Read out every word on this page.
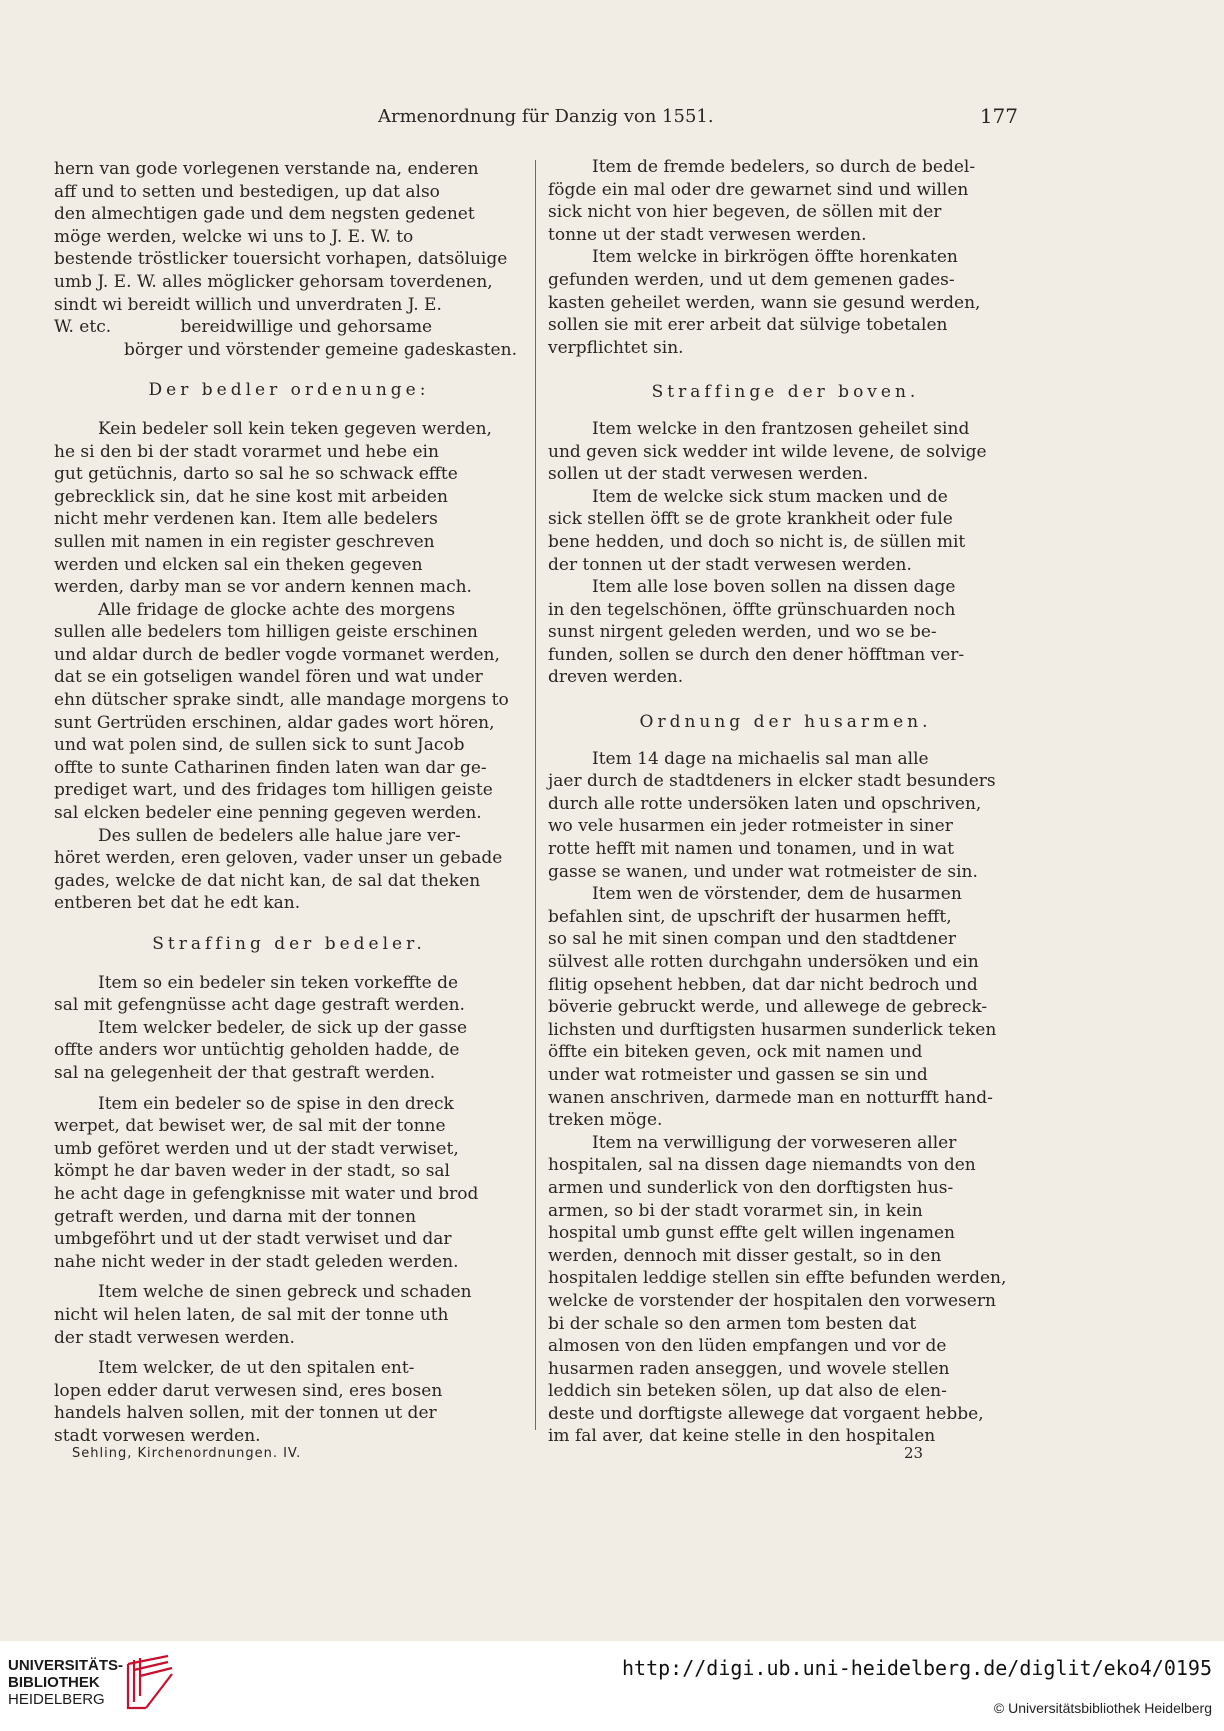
Armenordnung für Danzig von 1551.	177
hern van gode vorlegenen verstande na, enderen
aff und to setten und bestedigen, up dat also
den almechtigen gade und dem negsten gedenet
möge werden, welcke wi uns to J. E. W. to
bestende tröstlicker touersicht vorhapen, datsöluige
umb J. E. W. alles möglicker gehorsam toverdenen,
sindt wi bereidt willich und unverdraten J. E.
W. etc.	bereidwillige und gehorsame
börger und vörstender gemeine gadeskasten.
Der bedler ordenunge:
Kein bedeler soll kein teken gegeven werden,
he si den bi der stadt vorarmet und hebe ein
gut getüchnis, darto so sal he so schwack effte
gebrecklick sin, dat he sine kost mit arbeiden
nicht mehr verdenen kan. Item alle bedelers
sullen mit namen in ein register geschreven
werden und elcken sal ein theken gegeven
werden, darby man se vor andern kennen mach.
Alle fridage de glocke achte des morgens
sullen alle bedelers tom hilligen geiste erschinen
und aldar durch de bedler vogde vormanet werden,
dat se ein gotseligen wandel fören und wat under
ehn dütscher sprake sindt, alle mandage morgens to
sunt Gertrüden erschinen, aldar gades wort hören,
und wat polen sind, de sullen sick to sunt Jacob
offte to sunte Catharinen finden laten wan dar ge-
prediget wart, und des fridages tom hilligen geiste
sal elcken bedeler eine penning gegeven werden.
Des sullen de bedelers alle halue jare ver-
höret werden, eren geloven, vader unser un gebade
gades, welcke de dat nicht kan, de sal dat theken
entberen bet dat he edt kan.
Straffing der bedeler.
Item so ein bedeler sin teken vorkeffte de
sal mit gefengnüsse acht dage gestraft werden.
Item welcker bedeler, de sick up der gasse
offte anders wor untüchtig geholden hadde, de
sal na gelegenheit der that gestraft werden.
Item ein bedeler so de spise in den dreck
werpet, dat bewiset wer, de sal mit der tonne
umb geföret werden und ut der stadt verwiset,
kömpt he dar baven weder in der stadt, so sal
he acht dage in gefengknisse mit water und brod
getraft werden, und darna mit der tonnen
umbgeföhrt und ut der stadt verwiset und dar
nahe nicht weder in der stadt geleden werden.
Item welche de sinen gebreck und schaden
nicht wil helen laten, de sal mit der tonne uth
der stadt verwesen werden.
Item welcker, de ut den spitalen ent-
lopen edder darut verwesen sind, eres bosen
handels halven sollen, mit der tonnen ut der
stadt vorwesen werden.
Item de fremde bedelers, so durch de bedel-
fögde ein mal oder dre gewarnet sind und willen
sick nicht von hier begeven, de söllen mit der
tonne ut der stadt verwesen werden.
Item welcke in birkrögen öffte horenkaten
gefunden werden, und ut dem gemenen gades-
kasten geheilet werden, wann sie gesund werden,
sollen sie mit erer arbeit dat sülvige tobetalen
verpflichtet sin.
Straffinge der boven.
Item welcke in den frantzosen geheilet sind
und geven sick wedder int wilde levene, de solvige
sollen ut der stadt verwesen werden.
Item de welcke sick stum macken und de
sick stellen öfft se de grote krankheit oder fule
bene hedden, und doch so nicht is, de süllen mit
der tonnen ut der stadt verwesen werden.
Item alle lose boven sollen na dissen dage
in den tegelschönen, öffte grünschuarden noch
sunst nirgent geleden werden, und wo se be-
funden, sollen se durch den dener höfftman ver-
dreven werden.
Ordnung der husarmen.
Item 14 dage na michaelis sal man alle
jaer durch de stadtdeners in elcker stadt besunders
durch alle rotte undersöken laten und opschriven,
wo vele husarmen ein jeder rotmeister in siner
rotte hefft mit namen und tonamen, und in wat
gasse se wanen, und under wat rotmeister de sin.
Item wen de vörstender, dem de husarmen
befahlen sint, de upschrift der husarmen hefft,
so sal he mit sinen compan und den stadtdener
sülvest alle rotten durchgahn undersöken und ein
flitig opsehent hebben, dat dar nicht bedroch und
böverie gebruckt werde, und allewege de gebreck-
lichsten und durftigsten husarmen sunderlick teken
öffte ein biteken geven, ock mit namen und
under wat rotmeister und gassen se sin und
wanen anschriven, darmede man en notturfft hand-
treken möge.
Item na verwilligung der vorweseren aller
hospitalen, sal na dissen dage niemandts von den
armen und sunderlick von den dorftigsten hus-
armen, so bi der stadt vorarmet sin, in kein
hospital umb gunst effte gelt willen ingenamen
werden, dennoch mit disser gestalt, so in den
hospitalen leddige stellen sin effte befunden werden,
welcke de vorstender der hospitalen den vorwesern
bi der schale so den armen tom besten dat
almosen von den lüden empfangen und vor de
husarmen raden anseggen, und wovele stellen
leddich sin beteken sölen, up dat also de elen-
deste und dorftigste allewege dat vorgaent hebbe,
im fal aver, dat keine stelle in den hospitalen
Sehling, Kirchenordnungen. IV.	23
UNIVERSITÄTS-
BIBLIOTHEK
HEIDELBERG
http://digi.ub.uni-heidelberg.de/diglit/eko4/0195
© Universitätsbibliothek Heidelberg
